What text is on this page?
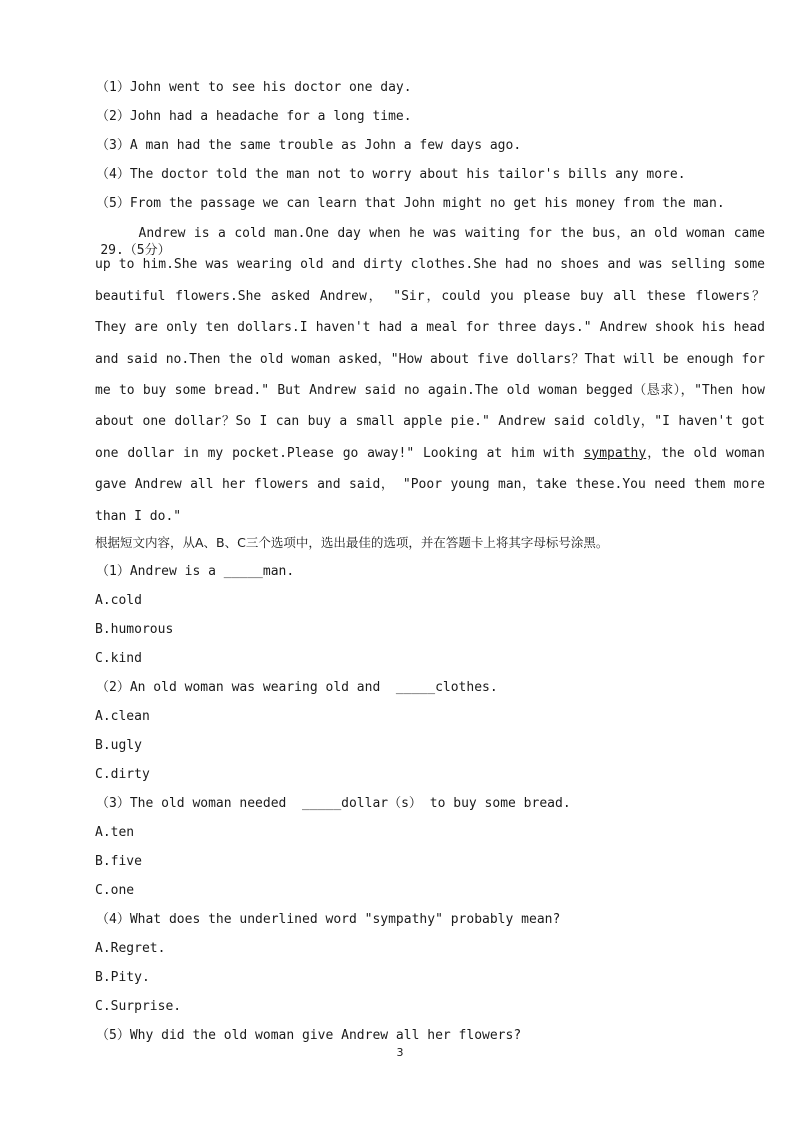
（1）John went to see his doctor one day.
（2）John had a headache for a long time.
（3）A man had the same trouble as John a few days ago.
（4）The doctor told the man not to worry about his tailor's bills any more.
（5）From the passage we can learn that John might no get his money from the man.

29.（5分）

Andrew is a cold man.One day when he was waiting for the bus，an old woman came up to him.She was wearing old and dirty clothes.She had no shoes and was selling some beautiful flowers.She asked Andrew， "Sir，could you please buy all these flowers？They are only ten dollars.I haven't had a meal for three days." Andrew shook his head and said no.Then the old woman asked，"How about five dollars？That will be enough for me to buy some bread." But Andrew said no again.The old woman begged（恳求），"Then how about one dollar？So I can buy a small apple pie." Andrew said coldly，"I haven't got one dollar in my pocket.Please go away!" Looking at him with sympathy，the old woman gave Andrew all her flowers and said， "Poor young man，take these.You need them more than I do."
根据短文内容，从A、B、C三个选项中，选出最佳的选项，并在答题卡上将其字母标号涂黑。
（1）Andrew is a _____man.
A.cold
B.humorous
C.kind
（2）An old woman was wearing old and  _____clothes.
A.clean
B.ugly
C.dirty
（3）The old woman needed  _____dollar（s） to buy some bread.
A.ten
B.five
C.one
（4）What does the underlined word "sympathy" probably mean?
A.Regret.
B.Pity.
C.Surprise.
（5）Why did the old woman give Andrew all her flowers?
3
